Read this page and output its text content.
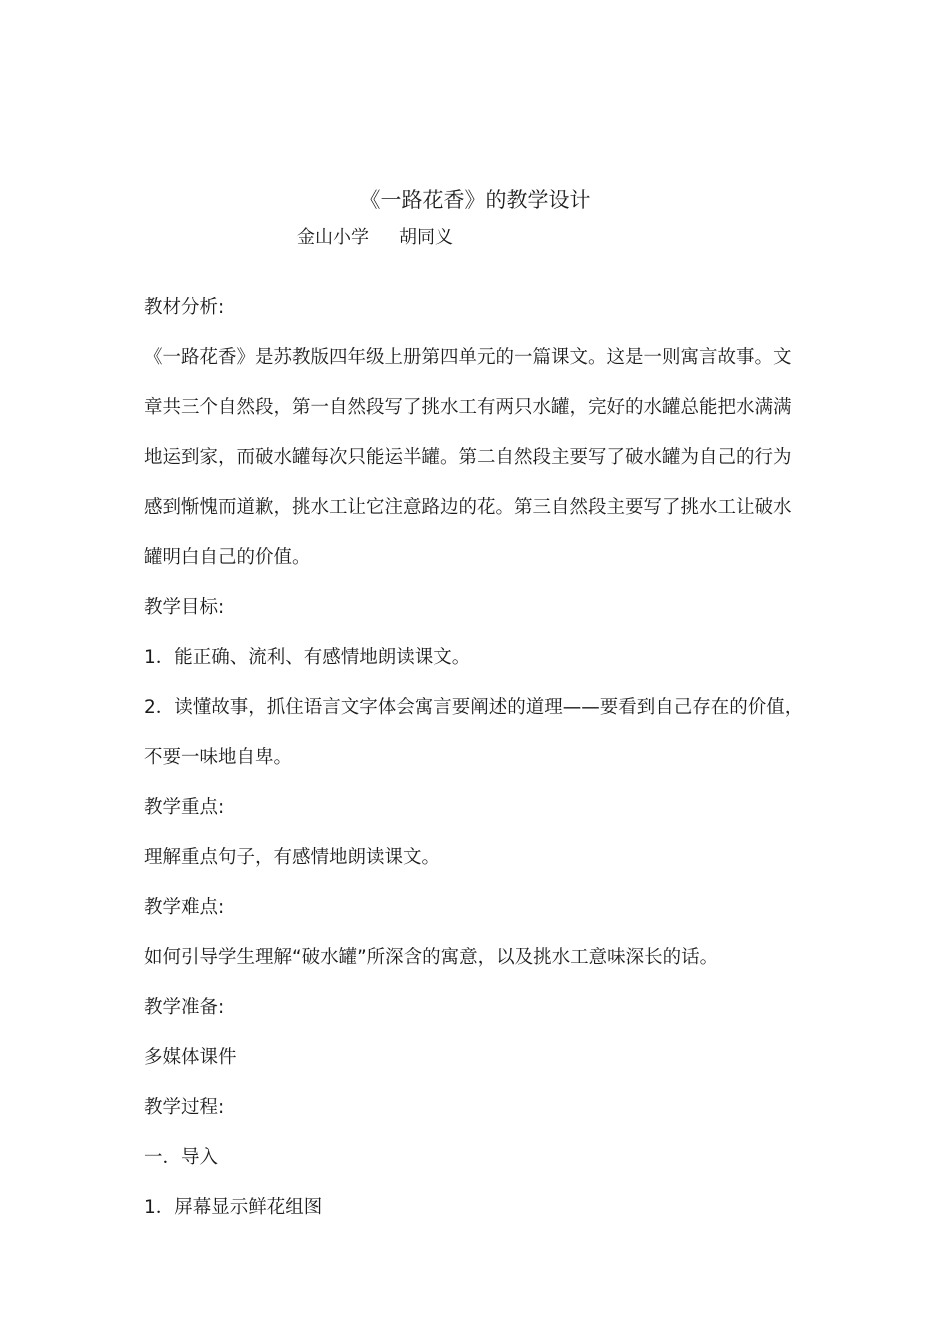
《一路花香》的教学设计
金山小学 胡同义

教材分析:

《一路花香》是苏教版四年级上册第四单元的一篇课文。这是一则寓言故事。文章共三个自然段，第一自然段写了挑水工有两只水罐，完好的水罐总能把水满满地运到家，而破水罐每次只能运半罐。第二自然段主要写了破水罐为自己的行为感到惭愧而道歉，挑水工让它注意路边的花。第三自然段主要写了挑水工让破水罐明白自己的价值。

教学目标:

1．能正确、流利、有感情地朗读课文。

2．读懂故事，抓住语言文字体会寓言要阐述的道理——要看到自己存在的价值，不要一味地自卑。

教学重点:

理解重点句子，有感情地朗读课文。

教学难点:

如何引导学生理解“破水罐”所深含的寓意，以及挑水工意味深长的话。

教学准备:

多媒体课件

教学过程:

一．导入

1．屏幕显示鲜花组图
